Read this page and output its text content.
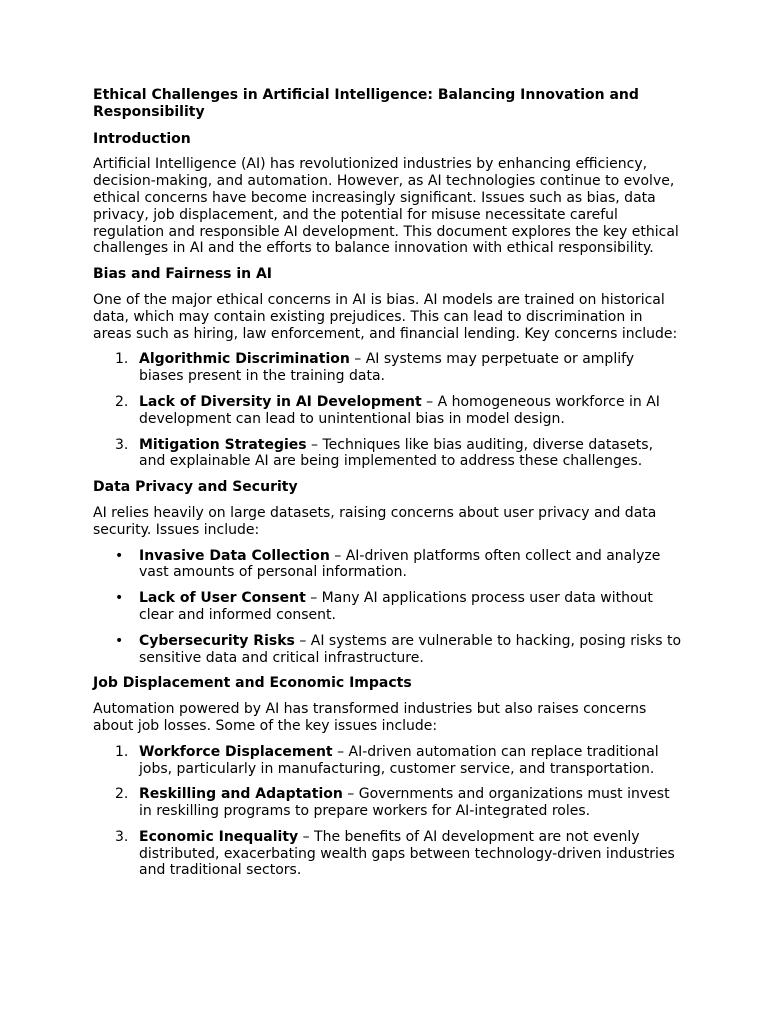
Ethical Challenges in Artificial Intelligence: Balancing Innovation and Responsibility
Introduction

Artificial Intelligence (AI) has revolutionized industries by enhancing efficiency, decision-making, and automation. However, as AI technologies continue to evolve, ethical concerns have become increasingly significant. Issues such as bias, data privacy, job displacement, and the potential for misuse necessitate careful regulation and responsible AI development. This document explores the key ethical challenges in AI and the efforts to balance innovation with ethical responsibility.

Bias and Fairness in AI

One of the major ethical concerns in AI is bias. AI models are trained on historical data, which may contain existing prejudices. This can lead to discrimination in areas such as hiring, law enforcement, and financial lending. Key concerns include:

1. Algorithmic Discrimination – AI systems may perpetuate or amplify biases present in the training data.
2. Lack of Diversity in AI Development – A homogeneous workforce in AI development can lead to unintentional bias in model design.
3. Mitigation Strategies – Techniques like bias auditing, diverse datasets, and explainable AI are being implemented to address these challenges.
Data Privacy and Security

AI relies heavily on large datasets, raising concerns about user privacy and data security. Issues include:

• Invasive Data Collection – AI-driven platforms often collect and analyze vast amounts of personal information.
• Lack of User Consent – Many AI applications process user data without clear and informed consent.
• Cybersecurity Risks – AI systems are vulnerable to hacking, posing risks to sensitive data and critical infrastructure.
Job Displacement and Economic Impacts

Automation powered by AI has transformed industries but also raises concerns about job losses. Some of the key issues include:

1. Workforce Displacement – AI-driven automation can replace traditional jobs, particularly in manufacturing, customer service, and transportation.
2. Reskilling and Adaptation – Governments and organizations must invest in reskilling programs to prepare workers for AI-integrated roles.
3. Economic Inequality – The benefits of AI development are not evenly distributed, exacerbating wealth gaps between technology-driven industries and traditional sectors.
